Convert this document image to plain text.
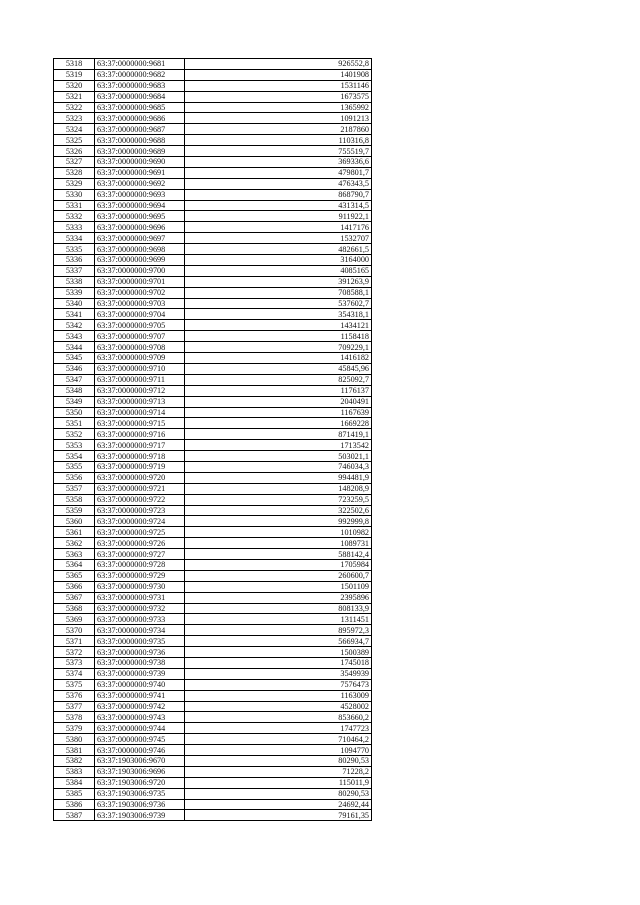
5318	63:37:0000000:9681	926552,8
5319	63:37:0000000:9682	1401908
5320	63:37:0000000:9683	1531146
5321	63:37:0000000:9684	1673575
5322	63:37:0000000:9685	1365992
5323	63:37:0000000:9686	1091213
5324	63:37:0000000:9687	2187860
5325	63:37:0000000:9688	110316,8
5326	63:37:0000000:9689	755519,7
5327	63:37:0000000:9690	369336,6
5328	63:37:0000000:9691	479801,7
5329	63:37:0000000:9692	476343,5
5330	63:37:0000000:9693	868790,7
5331	63:37:0000000:9694	431314,5
5332	63:37:0000000:9695	911922,1
5333	63:37:0000000:9696	1417176
5334	63:37:0000000:9697	1532707
5335	63:37:0000000:9698	482661,5
5336	63:37:0000000:9699	3164000
5337	63:37:0000000:9700	4085165
5338	63:37:0000000:9701	391263,9
5339	63:37:0000000:9702	708588,1
5340	63:37:0000000:9703	537602,7
5341	63:37:0000000:9704	354318,1
5342	63:37:0000000:9705	1434121
5343	63:37:0000000:9707	1158418
5344	63:37:0000000:9708	709229,1
5345	63:37:0000000:9709	1416182
5346	63:37:0000000:9710	45845,96
5347	63:37:0000000:9711	825092,7
5348	63:37:0000000:9712	1176137
5349	63:37:0000000:9713	2040491
5350	63:37:0000000:9714	1167639
5351	63:37:0000000:9715	1669228
5352	63:37:0000000:9716	871419,1
5353	63:37:0000000:9717	1713542
5354	63:37:0000000:9718	503021,1
5355	63:37:0000000:9719	746034,3
5356	63:37:0000000:9720	994481,9
5357	63:37:0000000:9721	148208,9
5358	63:37:0000000:9722	723259,5
5359	63:37:0000000:9723	322502,6
5360	63:37:0000000:9724	992999,8
5361	63:37:0000000:9725	1010982
5362	63:37:0000000:9726	1089731
5363	63:37:0000000:9727	588142,4
5364	63:37:0000000:9728	1705984
5365	63:37:0000000:9729	260600,7
5366	63:37:0000000:9730	1501109
5367	63:37:0000000:9731	2395896
5368	63:37:0000000:9732	808133,9
5369	63:37:0000000:9733	1311451
5370	63:37:0000000:9734	895972,3
5371	63:37:0000000:9735	566934,7
5372	63:37:0000000:9736	1500389
5373	63:37:0000000:9738	1745018
5374	63:37:0000000:9739	3549939
5375	63:37:0000000:9740	7576473
5376	63:37:0000000:9741	1163009
5377	63:37:0000000:9742	4528002
5378	63:37:0000000:9743	853660,2
5379	63:37:0000000:9744	1747723
5380	63:37:0000000:9745	710464,2
5381	63:37:0000000:9746	1094770
5382	63:37:1903006:9670	80290,53
5383	63:37:1903006:9696	71228,2
5384	63:37:1903006:9720	115011,9
5385	63:37:1903006:9735	80290,53
5386	63:37:1903006:9736	24692,44
5387	63:37:1903006:9739	79161,35
